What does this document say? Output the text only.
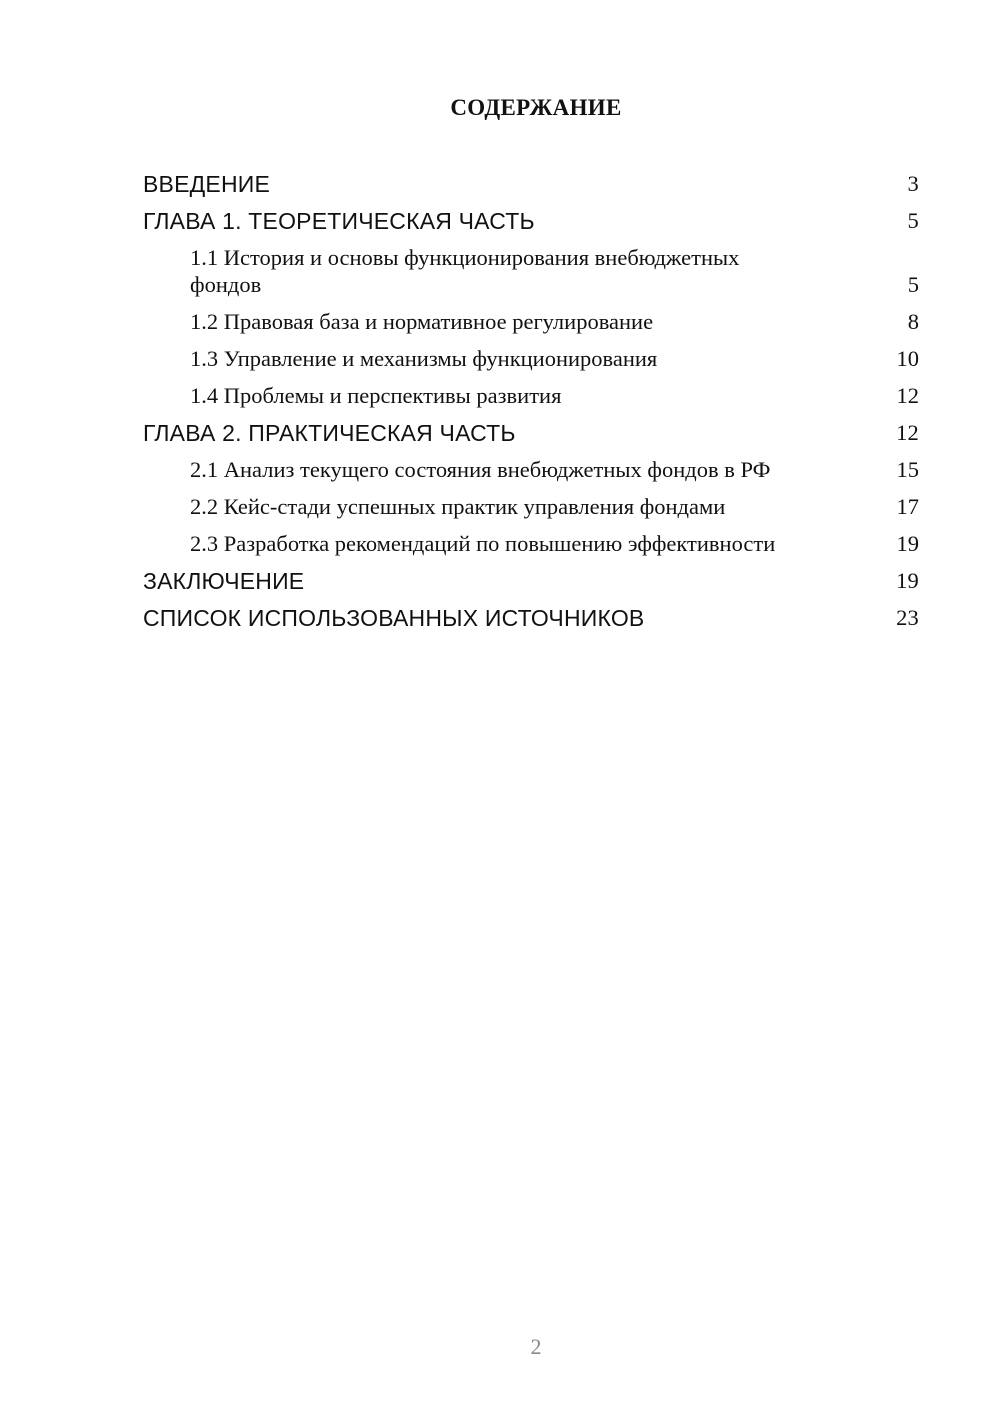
СОДЕРЖАНИЕ
ВВЕДЕНИЕ	3
ГЛАВА 1. ТЕОРЕТИЧЕСКАЯ ЧАСТЬ	5
1.1 История и основы функционирования внебюджетных фондов	5
1.2 Правовая база и нормативное регулирование	8
1.3 Управление и механизмы функционирования	10
1.4 Проблемы и перспективы развития	12
ГЛАВА 2. ПРАКТИЧЕСКАЯ ЧАСТЬ	12
2.1 Анализ текущего состояния внебюджетных фондов в РФ	15
2.2 Кейс-стади успешных практик управления фондами	17
2.3 Разработка рекомендаций по повышению эффективности	19
ЗАКЛЮЧЕНИЕ	19
СПИСОК ИСПОЛЬЗОВАННЫХ ИСТОЧНИКОВ	23
2
